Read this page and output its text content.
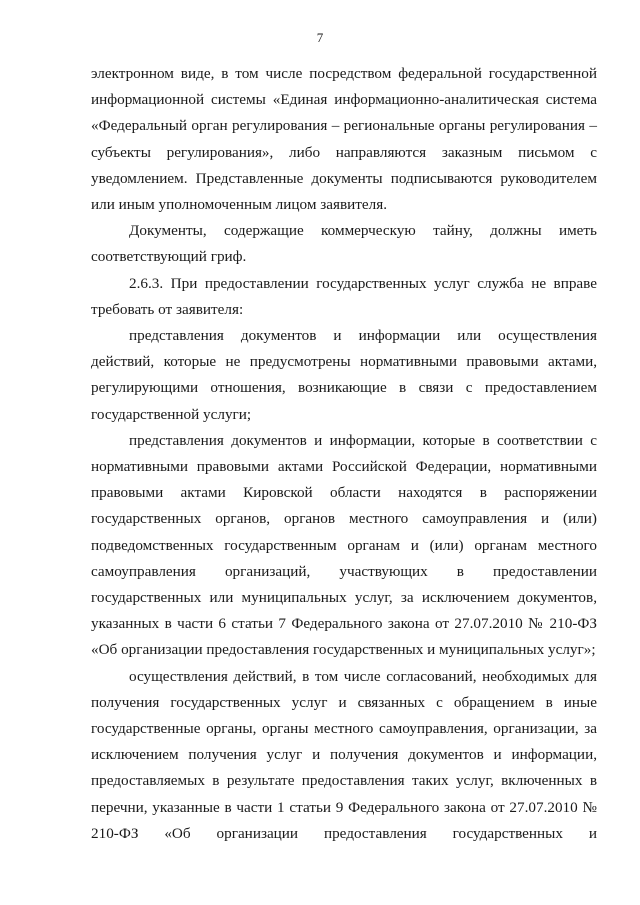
7

электронном виде, в том числе посредством федеральной государственной информационной системы «Единая информационно-аналитическая система «Федеральный орган регулирования – региональные органы регулирования – субъекты регулирования», либо направляются заказным письмом с уведомлением. Представленные документы подписываются руководителем или иным уполномоченным лицом заявителя.

Документы, содержащие коммерческую тайну, должны иметь соответствующий гриф.

2.6.3. При предоставлении государственных услуг служба не вправе требовать от заявителя:

представления документов и информации или осуществления действий, которые не предусмотрены нормативными правовыми актами, регулирующими отношения, возникающие в связи с предоставлением государственной услуги;

представления документов и информации, которые в соответствии с нормативными правовыми актами Российской Федерации, нормативными правовыми актами Кировской области находятся в распоряжении государственных органов, органов местного самоуправления и (или) подведомственных государственным органам и (или) органам местного самоуправления организаций, участвующих в предоставлении государственных или муниципальных услуг, за исключением документов, указанных в части 6 статьи 7 Федерального закона от 27.07.2010 № 210-ФЗ «Об организации предоставления государственных и муниципальных услуг»;

осуществления действий, в том числе согласований, необходимых для получения государственных услуг и связанных с обращением в иные государственные органы, органы местного самоуправления, организации, за исключением получения услуг и получения документов и информации, предоставляемых в результате предоставления таких услуг, включенных в перечни, указанные в части 1 статьи 9 Федерального закона от 27.07.2010 № 210-ФЗ «Об организации предоставления государственных и
